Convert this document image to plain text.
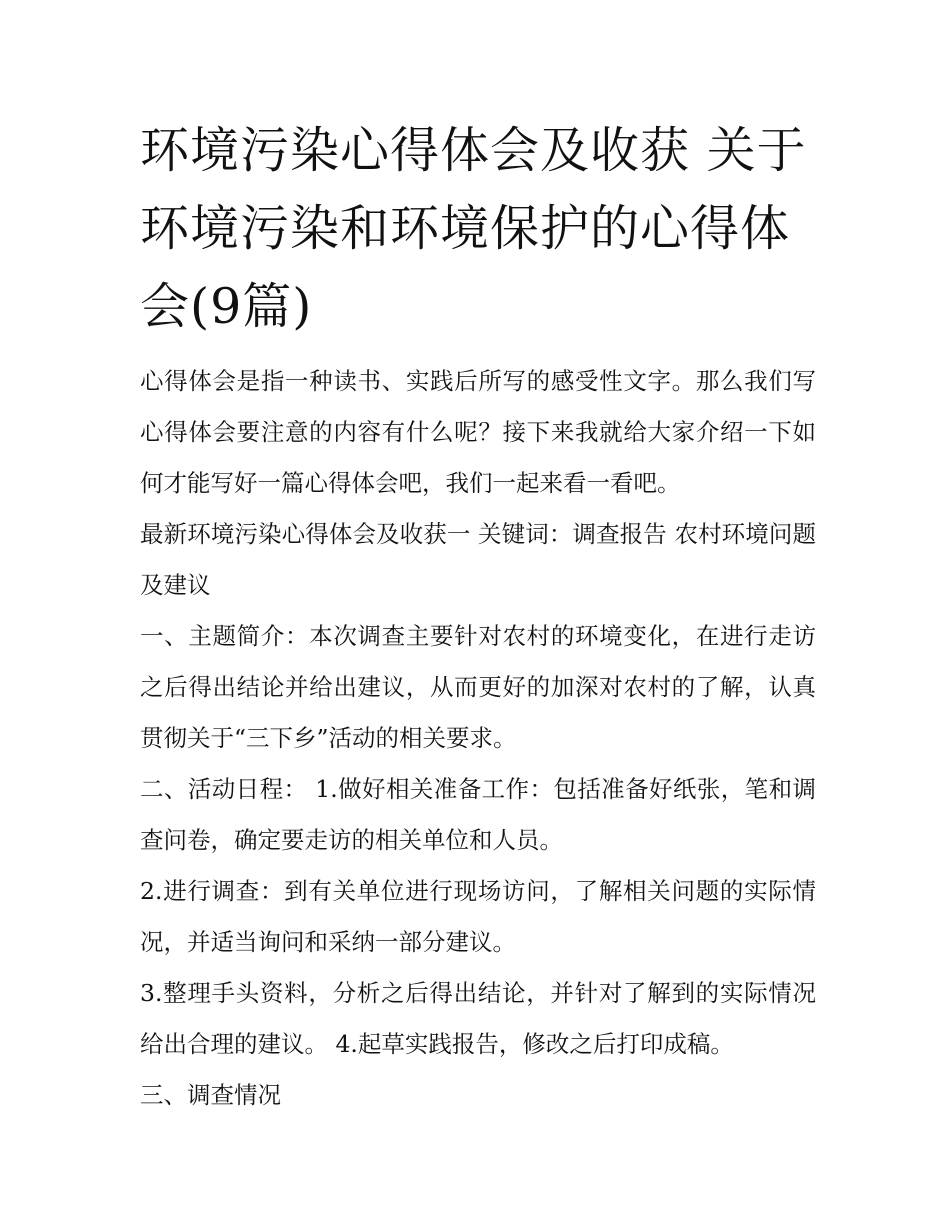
环境污染心得体会及收获 关于环境污染和环境保护的心得体会(9篇)

心得体会是指一种读书、实践后所写的感受性文字。那么我们写心得体会要注意的内容有什么呢？接下来我就给大家介绍一下如何才能写好一篇心得体会吧，我们一起来看一看吧。

最新环境污染心得体会及收获一 关键词：调查报告 农村环境问题及建议

一、主题简介：本次调查主要针对农村的环境变化，在进行走访之后得出结论并给出建议，从而更好的加深对农村的了解，认真贯彻关于“三下乡”活动的相关要求。

二、活动日程： 1.做好相关准备工作：包括准备好纸张，笔和调查问卷，确定要走访的相关单位和人员。

2.进行调查：到有关单位进行现场访问，了解相关问题的实际情况，并适当询问和采纳一部分建议。

3.整理手头资料，分析之后得出结论，并针对了解到的实际情况给出合理的建议。 4.起草实践报告，修改之后打印成稿。

三、调查情况
